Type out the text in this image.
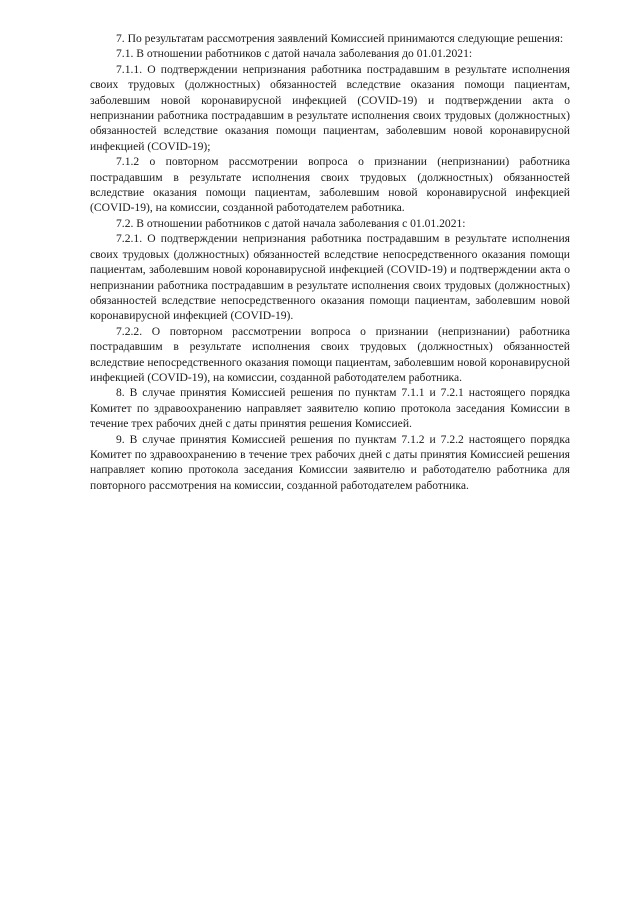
7. По результатам рассмотрения заявлений Комиссией принимаются следующие решения:

7.1. В отношении работников с датой начала заболевания до 01.01.2021:

7.1.1. О подтверждении непризнания работника пострадавшим в результате исполнения своих трудовых (должностных) обязанностей вследствие оказания помощи пациентам, заболевшим новой коронавирусной инфекцией (COVID-19) и подтверждении акта о непризнании работника пострадавшим в результате исполнения своих трудовых (должностных) обязанностей вследствие оказания помощи пациентам, заболевшим новой коронавирусной инфекцией (COVID-19);

7.1.2 о повторном рассмотрении вопроса о признании (непризнании) работника пострадавшим в результате исполнения своих трудовых (должностных) обязанностей вследствие оказания помощи пациентам, заболевшим новой коронавирусной инфекцией (COVID-19), на комиссии, созданной работодателем работника.

7.2. В отношении работников с датой начала заболевания с 01.01.2021:

7.2.1. О подтверждении непризнания работника пострадавшим в результате исполнения своих трудовых (должностных) обязанностей вследствие непосредственного оказания помощи пациентам, заболевшим новой коронавирусной инфекцией (COVID-19) и подтверждении акта о непризнании работника пострадавшим в результате исполнения своих трудовых (должностных) обязанностей вследствие непосредственного оказания помощи пациентам, заболевшим новой коронавирусной инфекцией (COVID-19).

7.2.2. О повторном рассмотрении вопроса о признании (непризнании) работника пострадавшим в результате исполнения своих трудовых (должностных) обязанностей вследствие непосредственного оказания помощи пациентам, заболевшим новой коронавирусной инфекцией (COVID-19), на комиссии, созданной работодателем работника.

8. В случае принятия Комиссией решения по пунктам 7.1.1 и 7.2.1 настоящего порядка Комитет по здравоохранению направляет заявителю копию протокола заседания Комиссии в течение трех рабочих дней с даты принятия решения Комиссией.

9. В случае принятия Комиссией решения по пунктам 7.1.2 и 7.2.2 настоящего порядка Комитет по здравоохранению в течение трех рабочих дней с даты принятия Комиссией решения направляет копию протокола заседания Комиссии заявителю и работодателю работника для повторного рассмотрения на комиссии, созданной работодателем работника.
